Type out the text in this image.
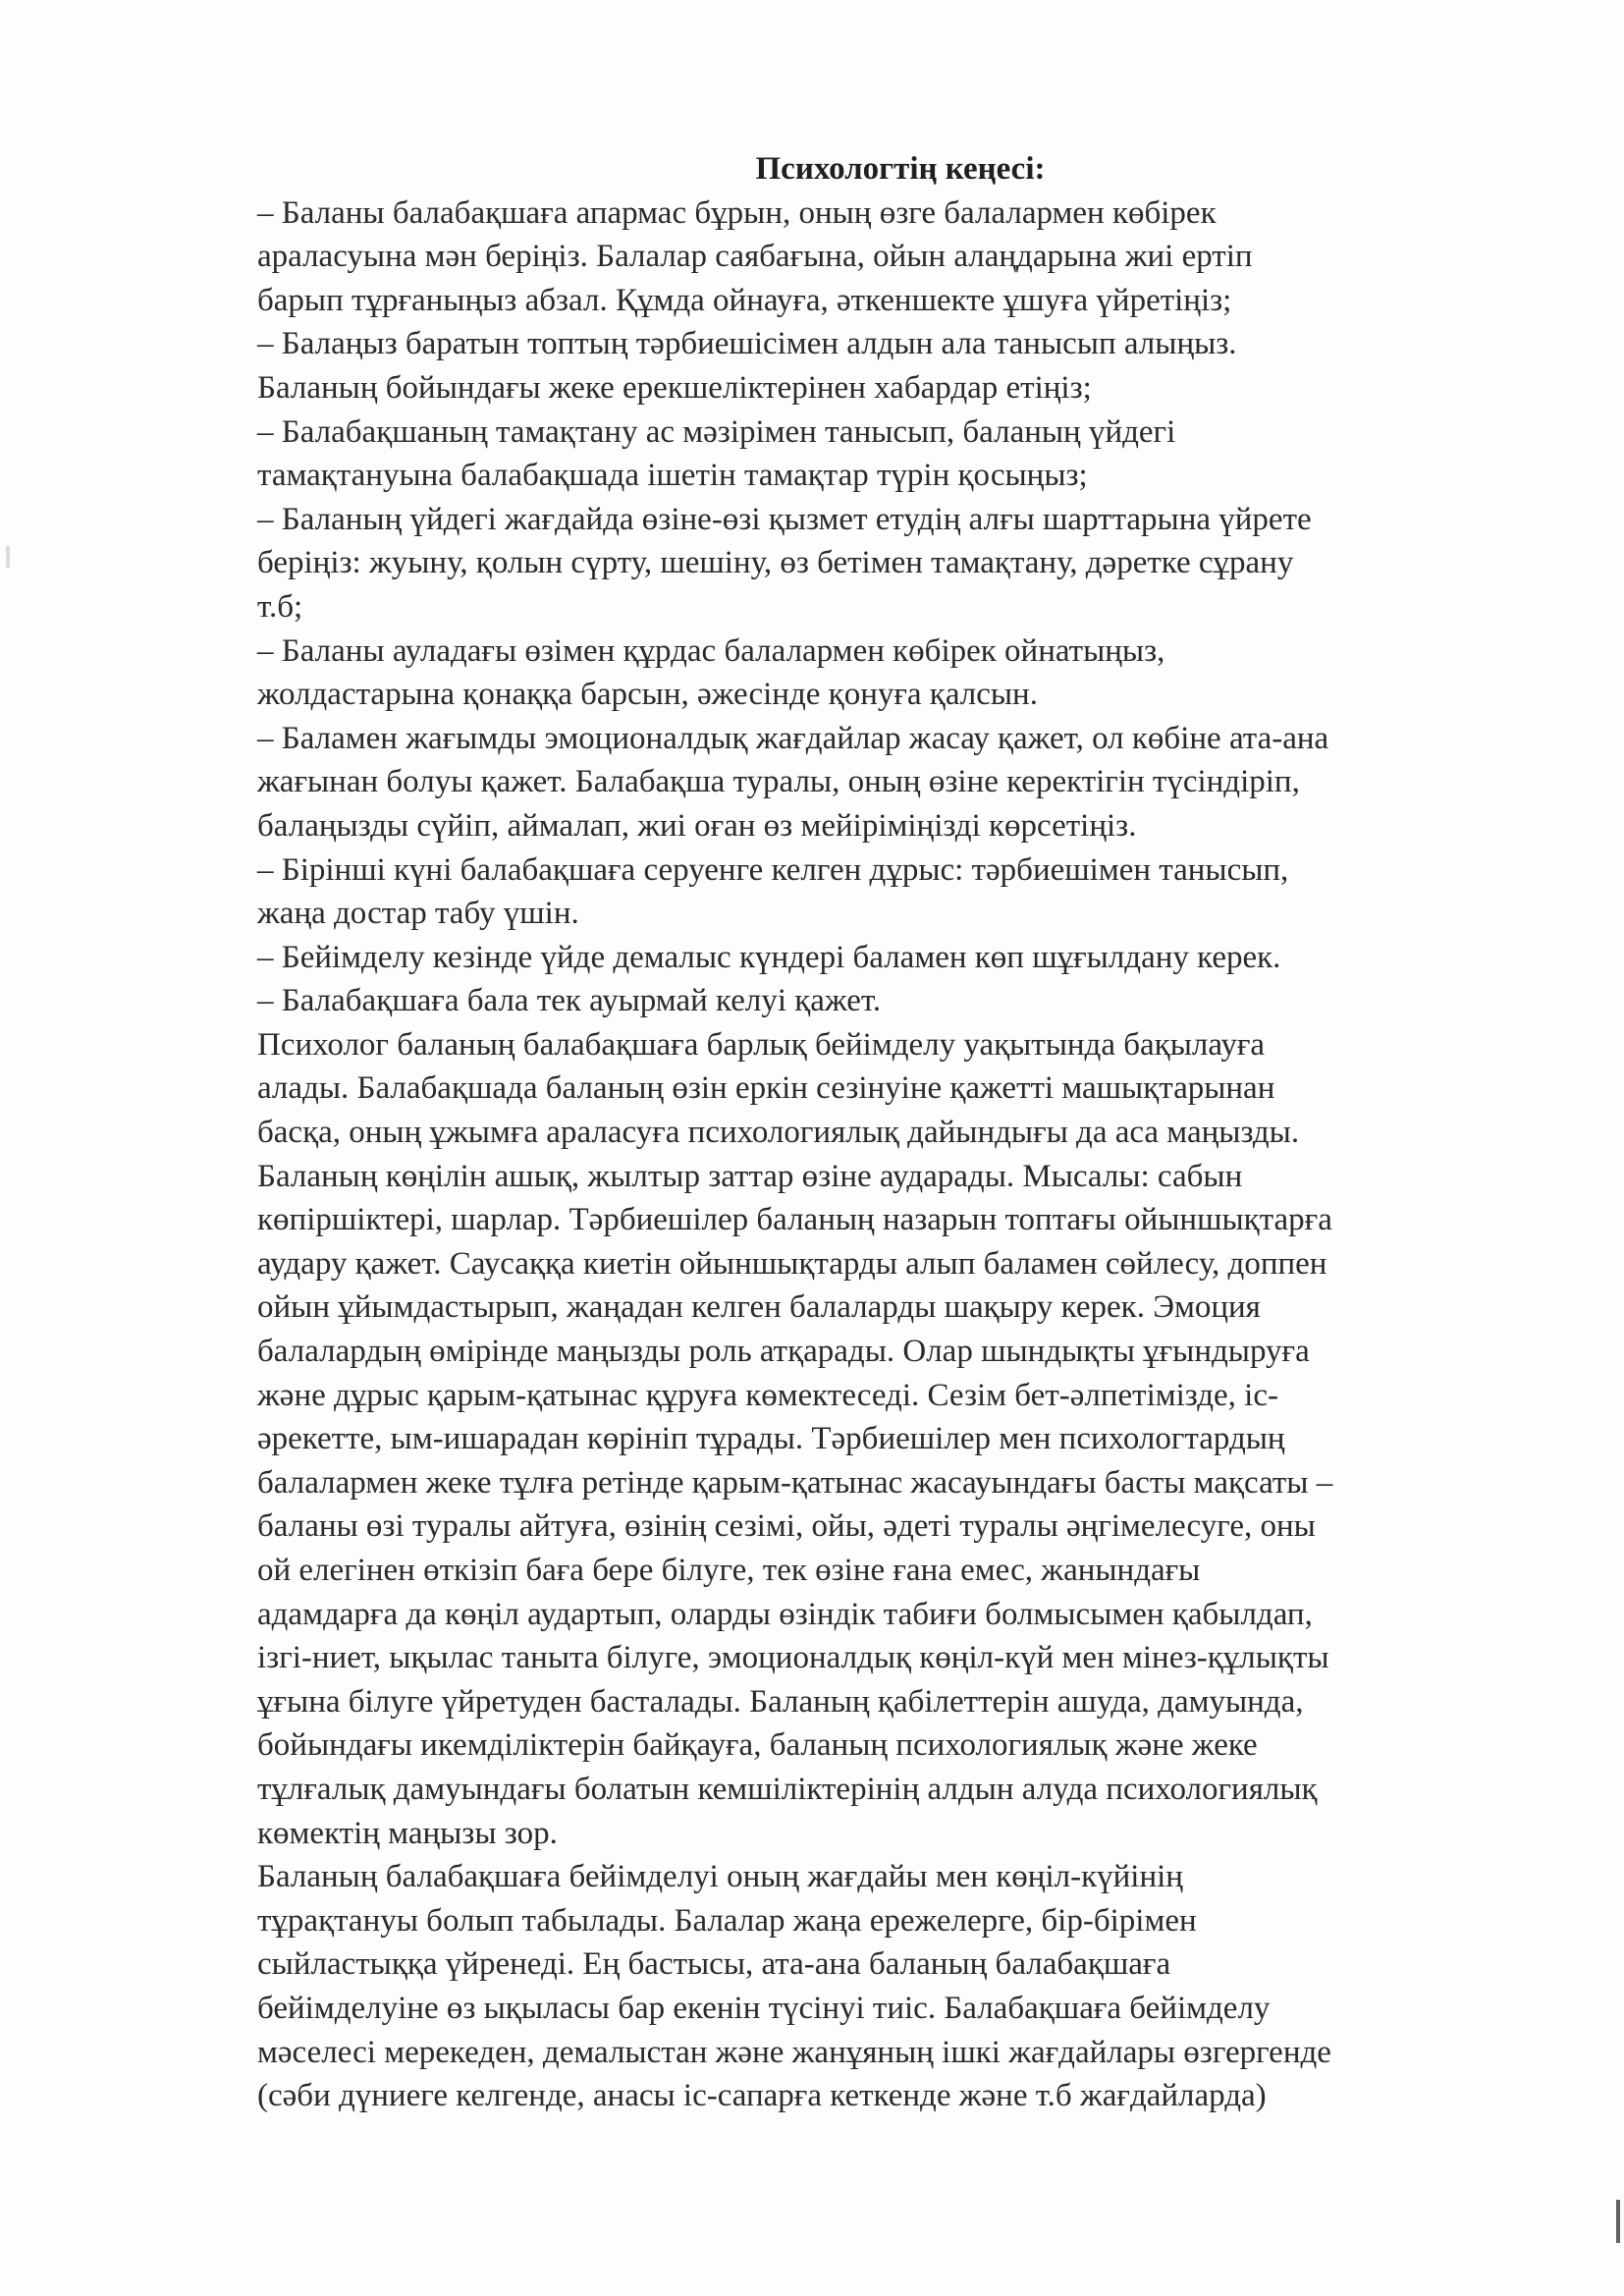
Психологтің кеңесі:
– Баланы балабақшаға апармас бұрын, оның өзге балалармен көбірек
араласуына мән беріңіз. Балалар саябағына, ойын алаңдарына жиі ертіп
барып тұрғаныңыз абзал. Құмда ойнауға, әткеншекте ұшуға үйретіңіз;
– Балаңыз баратын топтың тәрбиешісімен алдын ала танысып алыңыз.
Баланың бойындағы жеке ерекшеліктерінен хабардар етіңіз;
– Балабақшаның тамақтану ас мәзірімен танысып, баланың үйдегі
тамақтануына балабақшада ішетін тамақтар түрін қосыңыз;
– Баланың үйдегі жағдайда өзіне-өзі қызмет етудің алғы шарттарына үйрете
беріңіз: жуыну, қолын сүрту, шешіну, өз бетімен тамақтану, дәретке сұрану
т.б;
– Баланы ауладағы өзімен құрдас балалармен көбірек ойнатыңыз,
жолдастарына қонаққа барсын, әжесінде қонуға қалсын.
– Баламен жағымды эмоционалдық жағдайлар жасау қажет, ол көбіне ата-ана
жағынан болуы қажет. Балабақша туралы, оның өзіне керектігін түсіндіріп,
балаңызды сүйіп, аймалап, жиі оған өз мейіріміңізді көрсетіңіз.
– Бірінші күні балабақшаға серуенге келген дұрыс: тәрбиешімен танысып,
жаңа достар табу үшін.
– Бейімделу кезінде үйде демалыс күндері баламен көп шұғылдану керек.
– Балабақшаға бала тек ауырмай келуі қажет.
Психолог баланың балабақшаға барлық бейімделу уақытында бақылауға
алады. Балабақшада баланың өзін еркін сезінуіне қажетті машықтарынан
басқа, оның ұжымға араласуға психологиялық дайындығы да аса маңызды.
Баланың көңілін ашық, жылтыр заттар өзіне аударады. Мысалы: сабын
көпіршіктері, шарлар. Тәрбиешілер баланың назарын топтағы ойыншықтарға
аудару қажет. Саусаққа киетін ойыншықтарды алып баламен сөйлесу, доппен
ойын ұйымдастырып, жаңадан келген балаларды шақыру керек. Эмоция
балалардың өмірінде маңызды роль атқарады. Олар шындықты ұғындыруға
және дұрыс қарым-қатынас құруға көмектеседі. Сезім бет-әлпетімізде, іс-
әрекетте, ым-ишарадан көрініп тұрады. Тәрбиешілер мен психологтардың
балалармен жеке тұлға ретінде қарым-қатынас жасауындағы басты мақсаты –
баланы өзі туралы айтуға, өзінің сезімі, ойы, әдеті туралы әңгімелесуге, оны
ой елегінен өткізіп баға бере білуге, тек өзіне ғана емес, жанындағы
адамдарға да көңіл аудартып, оларды өзіндік табиғи болмысымен қабылдап,
ізгі-ниет, ықылас таныта білуге, эмоционалдық көңіл-күй мен мінез-құлықты
ұғына білуге үйретуден басталады. Баланың қабілеттерін ашуда, дамуында,
бойындағы икемділіктерін байқауға, баланың психологиялық және жеке
тұлғалық дамуындағы болатын кемшіліктерінің алдын алуда психологиялық
көмектің маңызы зор.
Баланың балабақшаға бейімделуі оның жағдайы мен көңіл-күйінің
тұрақтануы болып табылады. Балалар жаңа ережелерге, бір-бірімен
сыйластыққа үйренеді. Ең бастысы, ата-ана баланың балабақшаға
бейімделуіне өз ықыласы бар екенін түсінуі тиіс. Балабақшаға бейімделу
мәселесі мерекеден, демалыстан және жанұяның ішкі жағдайлары өзгергенде
(сәби дүниеге келгенде, анасы іс-сапарға кеткенде және т.б жағдайларда)
